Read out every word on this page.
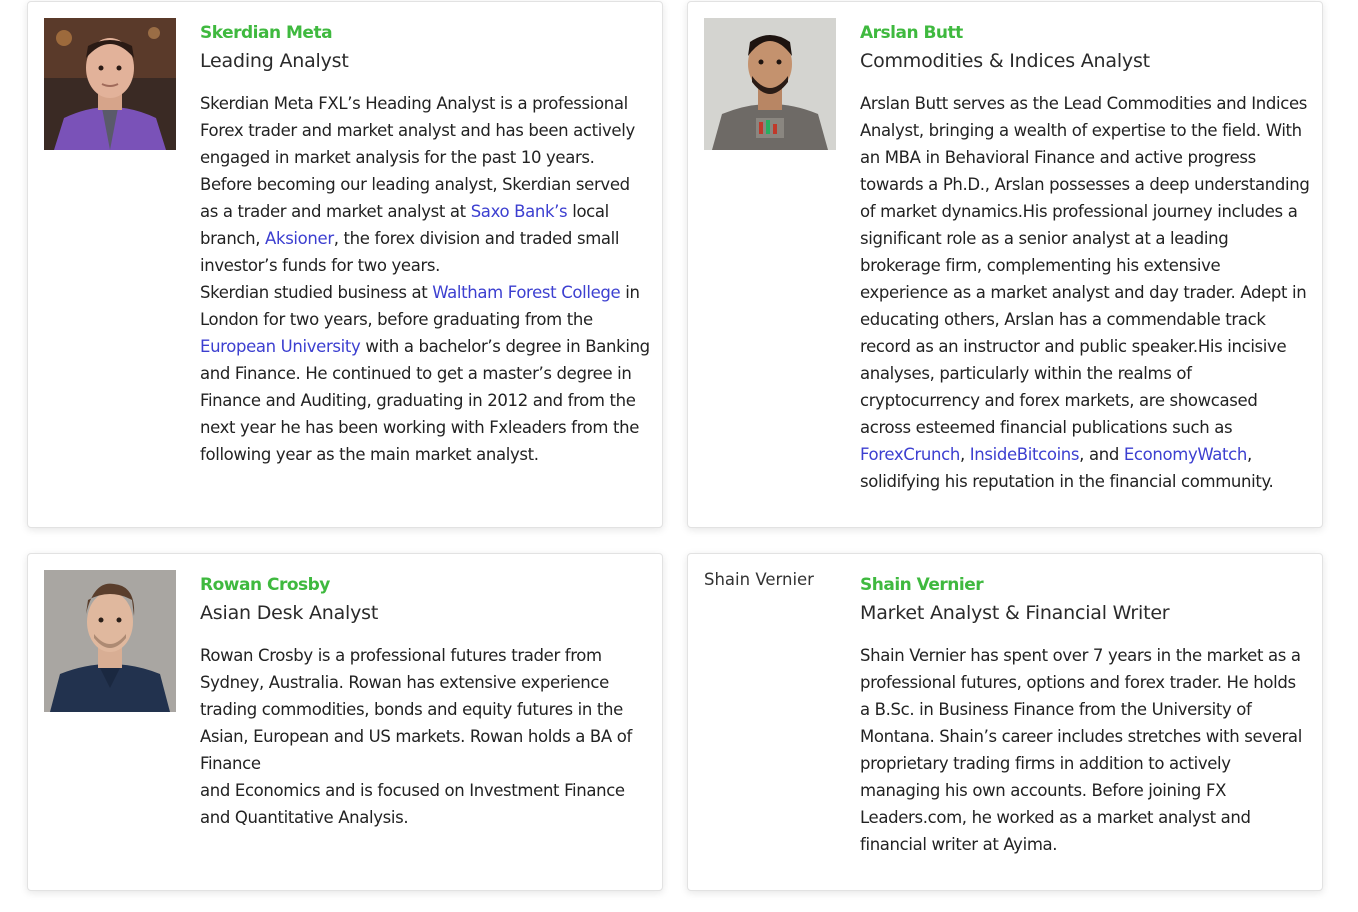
Skerdian Meta
Leading Analyst

Skerdian Meta FXL’s Heading Analyst is a professional Forex trader and market analyst and has been actively engaged in market analysis for the past 10 years. Before becoming our leading analyst, Skerdian served as a trader and market analyst at Saxo Bank’s local branch, Aksioner, the forex division and traded small investor’s funds for two years.

Skerdian studied business at Waltham Forest College in London for two years, before graduating from the European University with a bachelor’s degree in Banking and Finance. He continued to get a master’s degree in Finance and Auditing, graduating in 2012 and from the next year he has been working with Fxleaders from the following year as the main market analyst.

Arslan Butt
Commodities & Indices Analyst

Arslan Butt serves as the Lead Commodities and Indices Analyst, bringing a wealth of expertise to the field. With an MBA in Behavioral Finance and active progress towards a Ph.D., Arslan possesses a deep understanding of market dynamics.His professional journey includes a significant role as a senior analyst at a leading brokerage firm, complementing his extensive experience as a market analyst and day trader. Adept in educating others, Arslan has a commendable track record as an instructor and public speaker.His incisive analyses, particularly within the realms of cryptocurrency and forex markets, are showcased across esteemed financial publications such as ForexCrunch, InsideBitcoins, and EconomyWatch, solidifying his reputation in the financial community.

Rowan Crosby
Asian Desk Analyst

Rowan Crosby is a professional futures trader from Sydney, Australia. Rowan has extensive experience trading commodities, bonds and equity futures in the Asian, European and US markets. Rowan holds a BA of Finance

and Economics and is focused on Investment Finance and Quantitative Analysis.

Shain Vernier	Shain Vernier
Market Analyst & Financial Writer

Shain Vernier has spent over 7 years in the market as a professional futures, options and forex trader. He holds a B.Sc. in Business Finance from the University of Montana. Shain’s career includes stretches with several proprietary trading firms in addition to actively managing his own accounts. Before joining FX Leaders.com, he worked as a market analyst and financial writer at Ayima.
